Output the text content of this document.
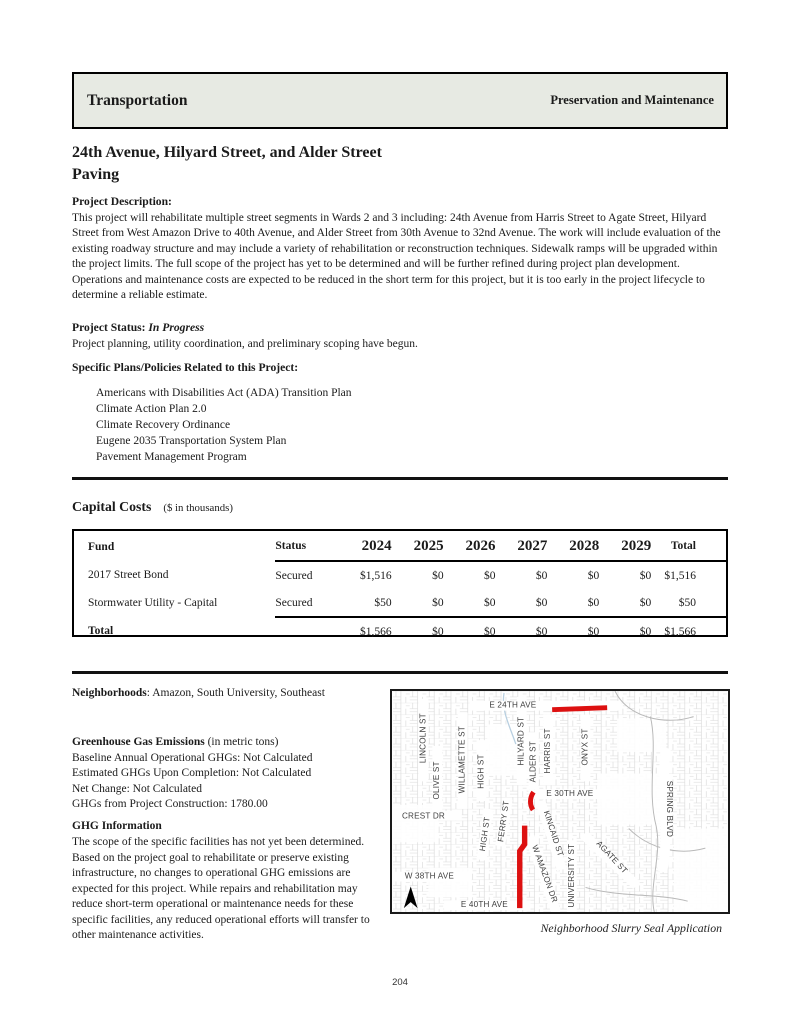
Transportation	Preservation and Maintenance
24th Avenue, Hilyard Street, and Alder Street
Paving
Project Description:
This project will rehabilitate multiple street segments in Wards 2 and 3 including: 24th Avenue from Harris Street to Agate Street, Hilyard Street from West Amazon Drive to 40th Avenue, and Alder Street from 30th Avenue to 32nd Avenue. The work will include evaluation of the existing roadway structure and may include a variety of rehabilitation or reconstruction techniques. Sidewalk ramps will be upgraded within the project limits. The full scope of the project has yet to be determined and will be further refined during project plan development. Operations and maintenance costs are expected to be reduced in the short term for this project, but it is too early in the project lifecycle to determine a reliable estimate.
Project Status: In Progress
Project planning, utility coordination, and preliminary scoping have begun.
Specific Plans/Policies Related to this Project:
Americans with Disabilities Act (ADA) Transition Plan
Climate Action Plan 2.0
Climate Recovery Ordinance
Eugene 2035 Transportation System Plan
Pavement Management Program
Capital Costs ($ in thousands)
Fund	Status	2024	2025	2026	2027	2028	2029	Total
2017 Street Bond	Secured	$1,516	$0	$0	$0	$0	$0	$1,516
Stormwater Utility - Capital	Secured	$50	$0	$0	$0	$0	$0	$50
Total		$1,566	$0	$0	$0	$0	$0	$1,566
Neighborhoods: Amazon, South University, Southeast
Greenhouse Gas Emissions (in metric tons)
Baseline Annual Operational GHGs: Not Calculated
Estimated GHGs Upon Completion: Not Calculated
Net Change: Not Calculated
GHGs from Project Construction: 1780.00
GHG Information
The scope of the specific facilities has not yet been determined. Based on the project goal to rehabilitate or preserve existing infrastructure, no changes to operational GHG emissions are expected for this project. While repairs and rehabilitation may reduce short-term operational or maintenance needs for these specific facilities, any reduced operational efforts will transfer to other maintenance activities.
E 24TH AVE
LINCOLN ST
OLIVE ST WILLAMETTE ST HIGH ST
HILYARD ST ALDER ST HARRIS ST	ONYX ST
SPRING BLVD
E 30TH AVE
CREST DR
HIGH ST FERRY ST	KINCAID ST
W AMAZON DR UNIVERSITY ST AGATE ST
W 38TH AVE
E 40TH AVE
Neighborhood Slurry Seal Application
204
